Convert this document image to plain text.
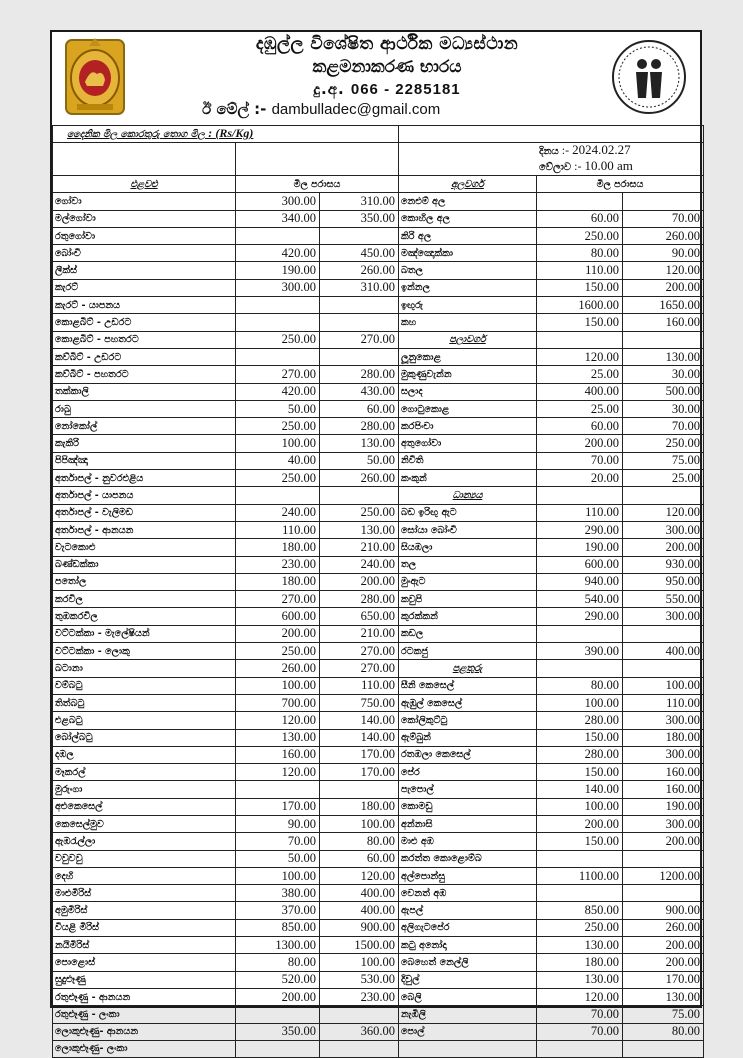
දඹුල්ල විශේෂිත ආර්ථික මධ්‍යස්ථාන
කළමනාකරණ භාරය
දු.අ. 066 - 2285181
ඊ මේල් :- dambulladec@gmail.com
දෛනික මිල කොරතුරු තොග මිල : (Rs/Kg)					

			දිනය :- 2024.02.27
වේලාව :- 10.00 am		

එළවළු	මිල පරාසය		අලවර්ග	මිල පරාසය	
ගෝවා	300.00	310.00	නෙළුම් අල		
මල්ගෝවා	340.00	350.00	කොහිල අල	60.00	70.00
රතුගෝවා			කිරි අල	250.00	260.00
බෝංචි	420.00	450.00	මඤ්ඤොක්කා	80.00	90.00
ලීක්ස්	190.00	260.00	බතල	110.00	120.00
කැරට්	300.00	310.00	ඉන්නල	150.00	200.00
කැරට් - යාපනය			ඉඟුරු	1600.00	1650.00
කොළබීට් - උඩරට			කහ	150.00	160.00
කොළබීට් - පහතරට	250.00	270.00	පලාවර්ග		
කව්බීට් - උඩරට			ලූනුකොළ	120.00	130.00
කව්බීට් - පහතරට	270.00	280.00	මුකුණුවැන්න	25.00	30.00
තක්කාලි	420.00	430.00	සලාද	400.00	500.00
රාබු	50.00	60.00	ගොටුකොළ	25.00	30.00
නෝකෝල්	250.00	280.00	කරපිංචා	60.00	70.00
කැකිරි	100.00	130.00	අතුගෝවා	200.00	250.00
පිපිඤ්ඤා	40.00	50.00	නිවිති	70.00	75.00
අර්තාපල් - නුවරඑළිය	250.00	260.00	කංකුන්	20.00	25.00
අර්තාපල් - යාපනය			ධාන්‍යය		
අර්තාපල් - වැලිමඩ	240.00	250.00	බඩ ඉරිඟු ඇට	110.00	120.00
අර්තාපල් - ආනයන	110.00	130.00	සෝයා බෝංචි	290.00	300.00
වැටකොළු	180.00	210.00	සියඹලා	190.00	200.00
බණ්ඩක්කා	230.00	240.00	තල	600.00	930.00
පතෝල	180.00	200.00	මුංඇට	940.00	950.00
කරවිල	270.00	280.00	කවුපි	540.00	550.00
තුඹකරවිල	600.00	650.00	කුරක්කන්	290.00	300.00
වට්ටක්කා - මැලේෂියන්	200.00	210.00	කඩල		
වට්ටක්කා - ලොකු	250.00	270.00	රටකජු	390.00	400.00
බටානා	260.00	270.00	පළතුරු		
වම්බටු	100.00	110.00	සීනි කෙසෙල්	80.00	100.00
තිත්බටු	700.00	750.00	ඇඹුල් කෙසෙල්	100.00	110.00
එළබටු	120.00	140.00	කෝලිකුට්ටු	280.00	300.00
බෝල්බටු	130.00	140.00	ඇම්බුන්	150.00	180.00
දඹල	160.00	170.00	රතඹලා කෙසෙල්	280.00	300.00
මෑකරල්	120.00	170.00	පේර	150.00	160.00
මුරුංගා			පැපොල්	140.00	160.00
අළුකෙසෙල්	170.00	180.00	කොමඩු	100.00	190.00
කෙසෙල්මුව	90.00	100.00	අන්නාසි	200.00	300.00
ඇඹරැල්ලා	70.00	80.00	මාළු අඹ	150.00	200.00
වවුවවු	50.00	60.00	කරත්ත කොළොම්බ		
දෙහි	100.00	120.00	අල්පොන්සු	1100.00	1200.00
මාළුමිරිස්	380.00	400.00	වෙනත් අඹ		
අමුමිරිස්	370.00	400.00	ඇපල්	850.00	900.00
වියළි මිරිස්	850.00	900.00	අලිගැටපේර	250.00	260.00
නයිමිරිස්	1300.00	1500.00	කටු අනෝදා	130.00	200.00
පොළොස්	80.00	100.00	බෙහෙත් නෙල්ලි	180.00	200.00
සුදුළූණු	520.00	530.00	දිවුල්	130.00	170.00
රතුළූණු - ආනයන	200.00	230.00	බෙලි	120.00	130.00
රතුළූණු - ලංකා			නැඹිලි	70.00	75.00
ලොකුළූණු- ආනයන	350.00	360.00	පොල්	70.00	80.00
ලොකුළූණු- ලංකා					
